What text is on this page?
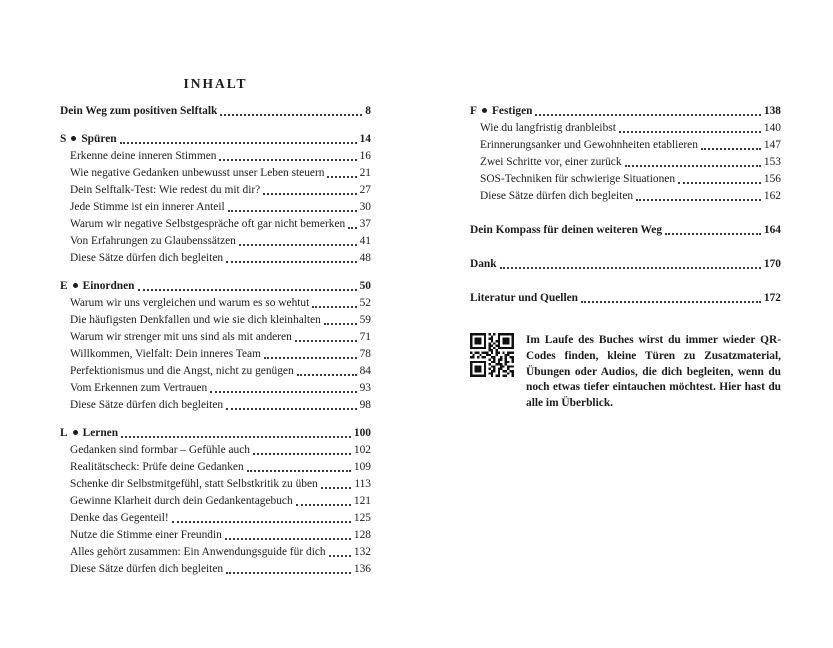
INHALT
Dein Weg zum positiven Selftalk	8
S Spüren	14
Erkenne deine inneren Stimmen	16
Wie negative Gedanken unbewusst unser Leben steuern	21
Dein Selftalk-Test: Wie redest du mit dir?	27
Jede Stimme ist ein innerer Anteil	30
Warum wir negative Selbstgespräche oft gar nicht bemerken 37
Von Erfahrungen zu Glaubenssätzen	41
Diese Sätze dürfen dich begleiten	48
E Einordnen	50
Warum wir uns vergleichen und warum es so wehtut	52
Die häufigsten Denkfallen und wie sie dich kleinhalten	59
Warum wir strenger mit uns sind als mit anderen	71
Willkommen, Vielfalt: Dein inneres Team	78
Perfektionismus und die Angst, nicht zu genügen	84
Vom Erkennen zum Vertrauen	93
Diese Sätze dürfen dich begleiten	98
L Lernen	100
Gedanken sind formbar – Gefühle auch	102
Realitätscheck: Prüfe deine Gedanken	109
Schenke dir Selbstmitgefühl, statt Selbstkritik zu üben	113
Gewinne Klarheit durch dein Gedankentagebuch	121
Denke das Gegenteil!	125
Nutze die Stimme einer Freundin	128
Alles gehört zusammen: Ein Anwendungsguide für dich 132
Diese Sätze dürfen dich begleiten	136
F Festigen	138
Wie du langfristig dranbleibst	140
Erinnerungsanker und Gewohnheiten etablieren	147
Zwei Schritte vor, einer zurück	153
SOS-Techniken für schwierige Situationen	156
Diese Sätze dürfen dich begleiten	162
Dein Kompass für deinen weiteren Weg	164
Dank	170
Literatur und Quellen	172
Im Laufe des Buches wirst du immer wieder QR-Codes finden, kleine Türen zu Zusatzmaterial, Übungen oder Audios, die dich begleiten, wenn du noch etwas tiefer eintauchen möchtest. Hier hast du alle im Überblick.
